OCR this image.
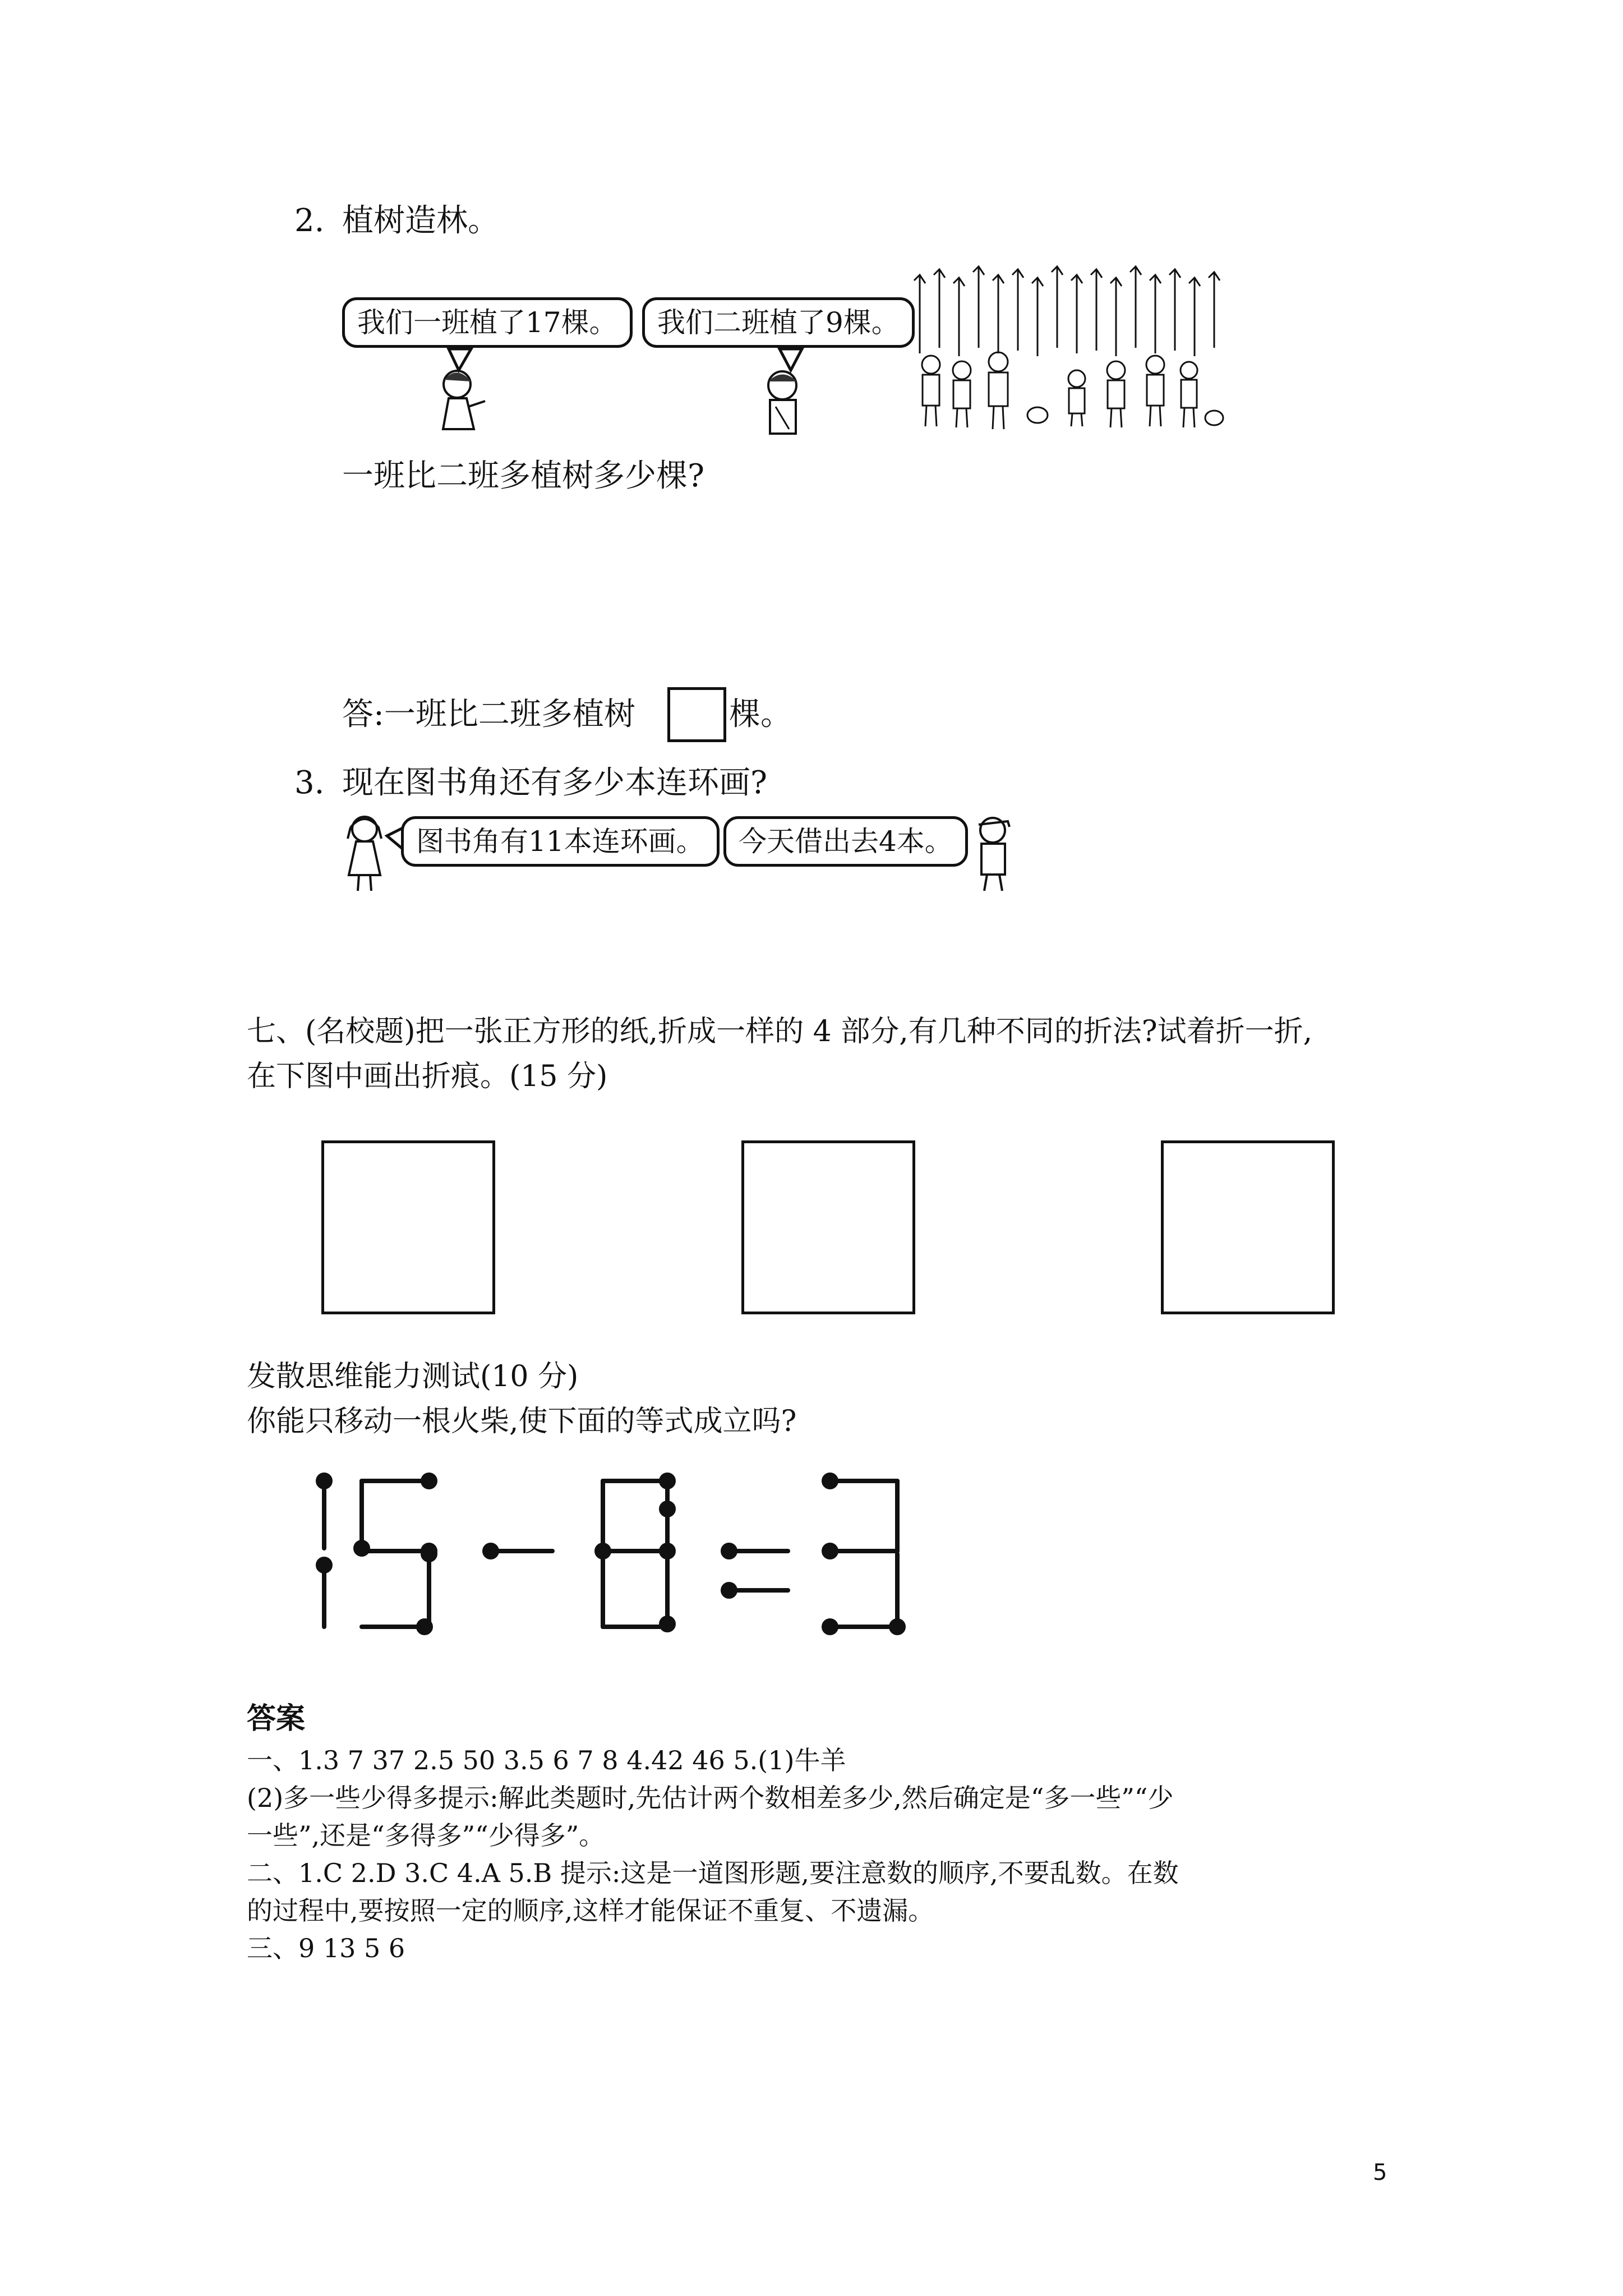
2. 植树造林。
我们一班植了17棵。	我们二班植了9棵。
一班比二班多植树多少棵?
答:一班比二班多植树	棵。
3. 现在图书角还有多少本连环画?
图书角有11本连环画。	今天借出去4本。
七、(名校题)把一张正方形的纸,折成一样的 4 部分,有几种不同的折法?试着折一折,
在下图中画出折痕。(15 分)
发散思维能力测试(10 分)
你能只移动一根火柴,使下面的等式成立吗?
答案
一、1.3 7 37 2.5 50 3.5 6 7 8 4.42 46 5.(1)牛羊
(2)多一些少得多提示:解此类题时,先估计两个数相差多少,然后确定是“多一些”“少
一些”,还是“多得多”“少得多”。
二、1.C 2.D 3.C 4.A 5.B 提示:这是一道图形题,要注意数的顺序,不要乱数。在数
的过程中,要按照一定的顺序,这样才能保证不重复、不遗漏。
三、9 13 5 6
5
